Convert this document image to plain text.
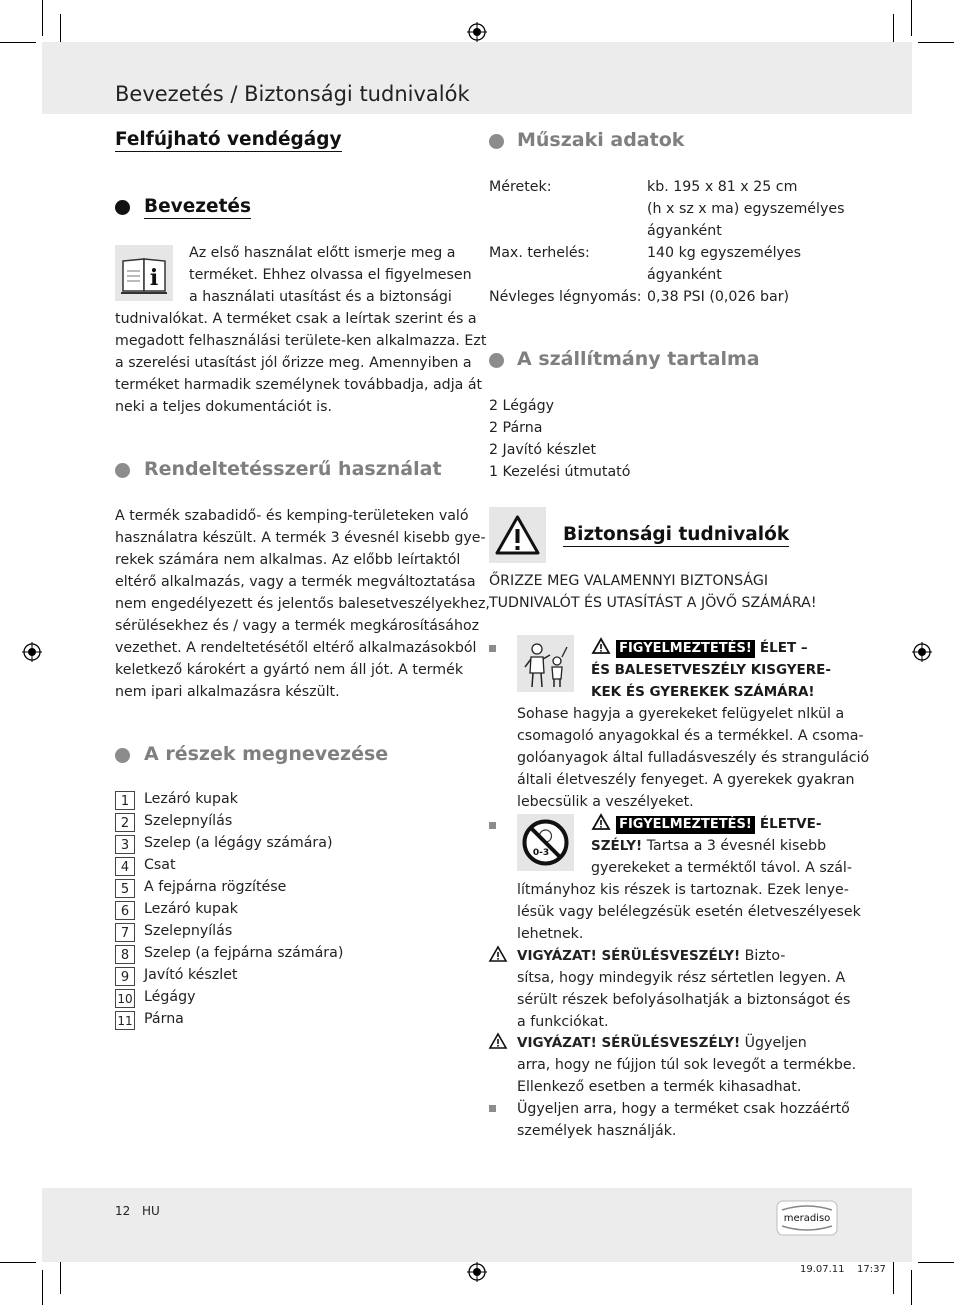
Bevezetés / Biztonsági tudnivalók
Felfújható vendégágy
Bevezetés
i
Az első használat előtt ismerje meg a
terméket. Ehhez olvassa el figyelmesen
a használati utasítást és a biztonsági
tudnivalókat. A terméket csak a leírtak szerint és a
megadott felhasználási területe-ken alkalmazza. Ezt
a szerelési utasítást jól őrizze meg. Amennyiben a
terméket harmadik személynek továbbadja, adja át
neki a teljes dokumentációt is.
Rendeltetésszerű használat
A termék szabadidő- és kemping-területeken való
használatra készült. A termék 3 évesnél kisebb gye-
rekek számára nem alkalmas. Az előbb leírtaktól
eltérő alkalmazás, vagy a termék megváltoztatása
nem engedélyezett és jelentős balesetveszélyekhez,
sérülésekhez és / vagy a termék megkárosításához
vezethet. A rendeltetésétől eltérő alkalmazásokból
keletkező károkért a gyártó nem áll jót. A termék
nem ipari alkalmazásra készült.
A részek megnevezése
1	Lezáró kupak
2	Szelepnyílás
3	Szelep (a légágy számára)
4	Csat
5	A fejpárna rögzítése
6	Lezáró kupak
7	Szelepnyílás
8	Szelep (a fejpárna számára)
9	Javító készlet
10 Légágy
11 Párna
Műszaki adatok
Méretek:	kb. 195 x 81 x 25 cm
(h x sz x ma) egyszemélyes
ágyanként
Max. terhelés:	140 kg egyszemélyes
ágyanként
Névleges légnyomás: 0,38 PSI (0,026 bar)
A szállítmány tartalma
2 Légágy
2 Párna
2 Javító készlet
1 Kezelési útmutató
Biztonsági tudnivalók
ŐRIZZE MEG VALAMENNYI BIZTONSÁGI
TUDNIVALÓT ÉS UTASÍTÁST A JÖVŐ SZÁMÁRA!
FIGYELMEZTETÉS! ÉLET –
ÉS BALESETVESZÉLY KISGYERE-
KEK ÉS GYEREKEK SZÁMÁRA!
Sohase hagyja a gyerekeket felügyelet nlkül a
csomagoló anyagokkal és a termékkel. A csoma-
golóanyagok által fulladásveszély és stranguláció
általi életveszély fenyeget. A gyerekek gyakran
lebecsülik a veszélyeket.
0-3
FIGYELMEZTETÉS! ÉLETVE-
SZÉLY! Tartsa a 3 évesnél kisebb
gyerekeket a terméktől távol. A szál-
lítmányhoz kis részek is tartoznak. Ezek lenye-
lésük vagy belélegzésük esetén életveszélyesek
lehetnek.
VIGYÁZAT! SÉRÜLÉSVESZÉLY! Bizto-
sítsa, hogy mindegyik rész sértetlen legyen. A
sérült részek befolyásolhatják a biztonságot és
a funkciókat.
VIGYÁZAT! SÉRÜLÉSVESZÉLY! Ügyeljen
arra, hogy ne fújjon túl sok levegőt a termékbe.
Ellenkező esetben a termék kihasadhat.
Ügyeljen arra, hogy a terméket csak hozzáértő
személyek használják.
12 HU
meradiso
19.07.11 17:37
